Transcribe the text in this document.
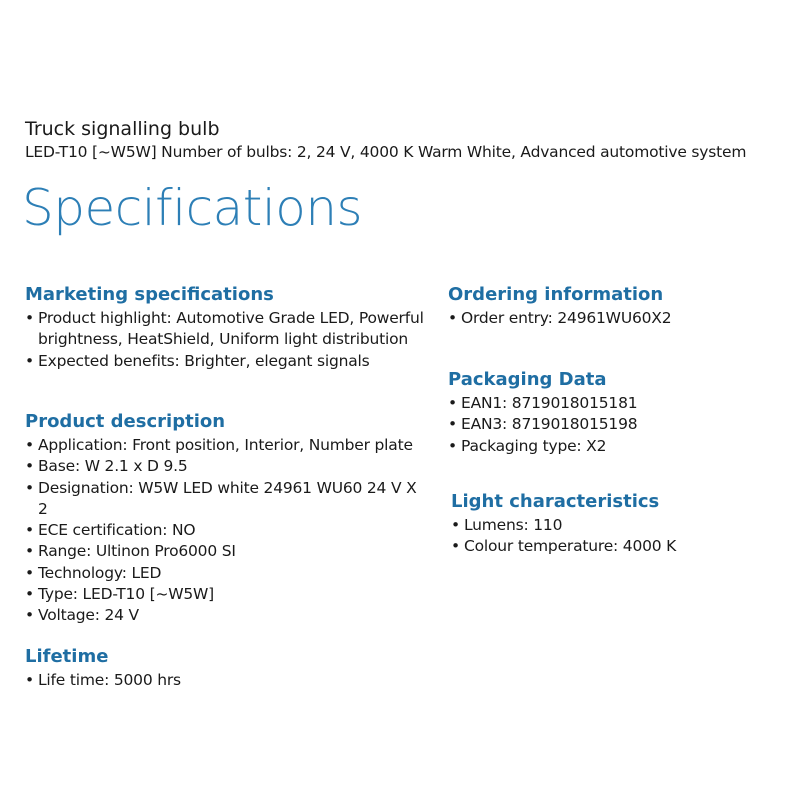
Truck signalling bulb
LED-T10 [~W5W] Number of bulbs: 2, 24 V, 4000 K Warm White, Advanced automotive system
Specifications
Marketing specifications
• Product highlight: Automotive Grade LED, Powerful brightness, HeatShield, Uniform light distribution
• Expected benefits: Brighter, elegant signals
Product description
• Application: Front position, Interior, Number plate
• Base: W 2.1 x D 9.5
• Designation: W5W LED white 24961 WU60 24 V X 2
• ECE certification: NO
• Range: Ultinon Pro6000 SI
• Technology: LED
• Type: LED-T10 [~W5W]
• Voltage: 24 V
Lifetime
• Life time: 5000 hrs
Ordering information
• Order entry: 24961WU60X2
Packaging Data
• EAN1: 8719018015181
• EAN3: 8719018015198
• Packaging type: X2
Light characteristics
• Lumens: 110
• Colour temperature: 4000 K
